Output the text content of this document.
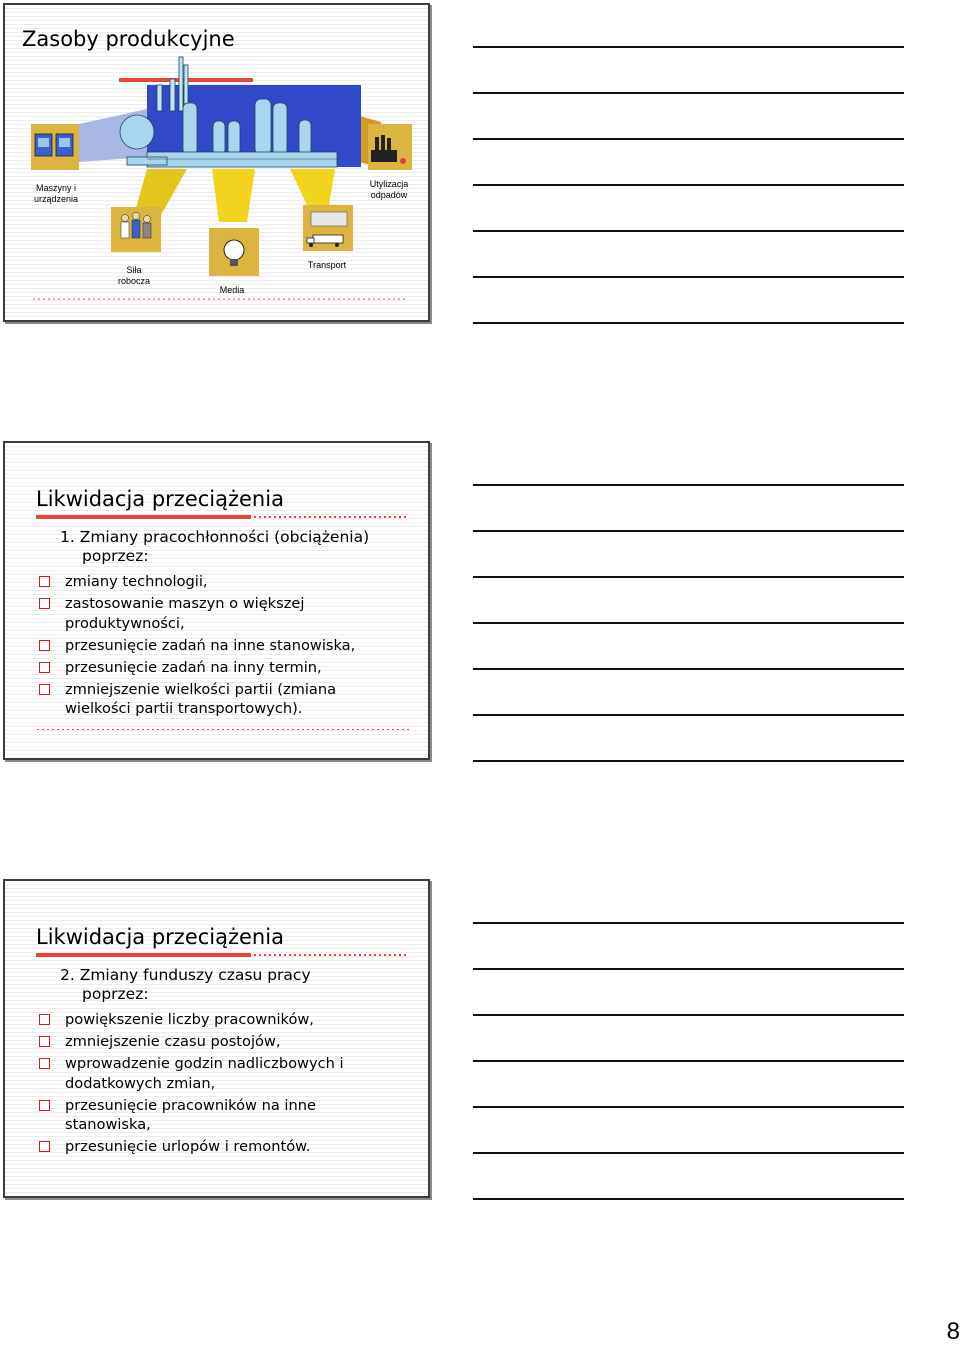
Zasoby produkcyjne
Maszyny i
urządzenia
Utylizacja
odpadów
Siła
robocza
Media
Transport
Likwidacja przeciążenia
1. Zmiany pracochłonności (obciążenia)
poprzez:
zmiany technologii,
zastosowanie maszyn o większej
produktywności,
przesunięcie zadań na inne stanowiska,
przesunięcie zadań na inny termin,
zmniejszenie wielkości partii (zmiana
wielkości partii transportowych).
Likwidacja przeciążenia
2. Zmiany funduszy czasu pracy
poprzez:
powiększenie liczby pracowników,
zmniejszenie czasu postojów,
wprowadzenie godzin nadliczbowych i
dodatkowych zmian,
przesunięcie pracowników na inne
stanowiska,
przesunięcie urlopów i remontów.
8
